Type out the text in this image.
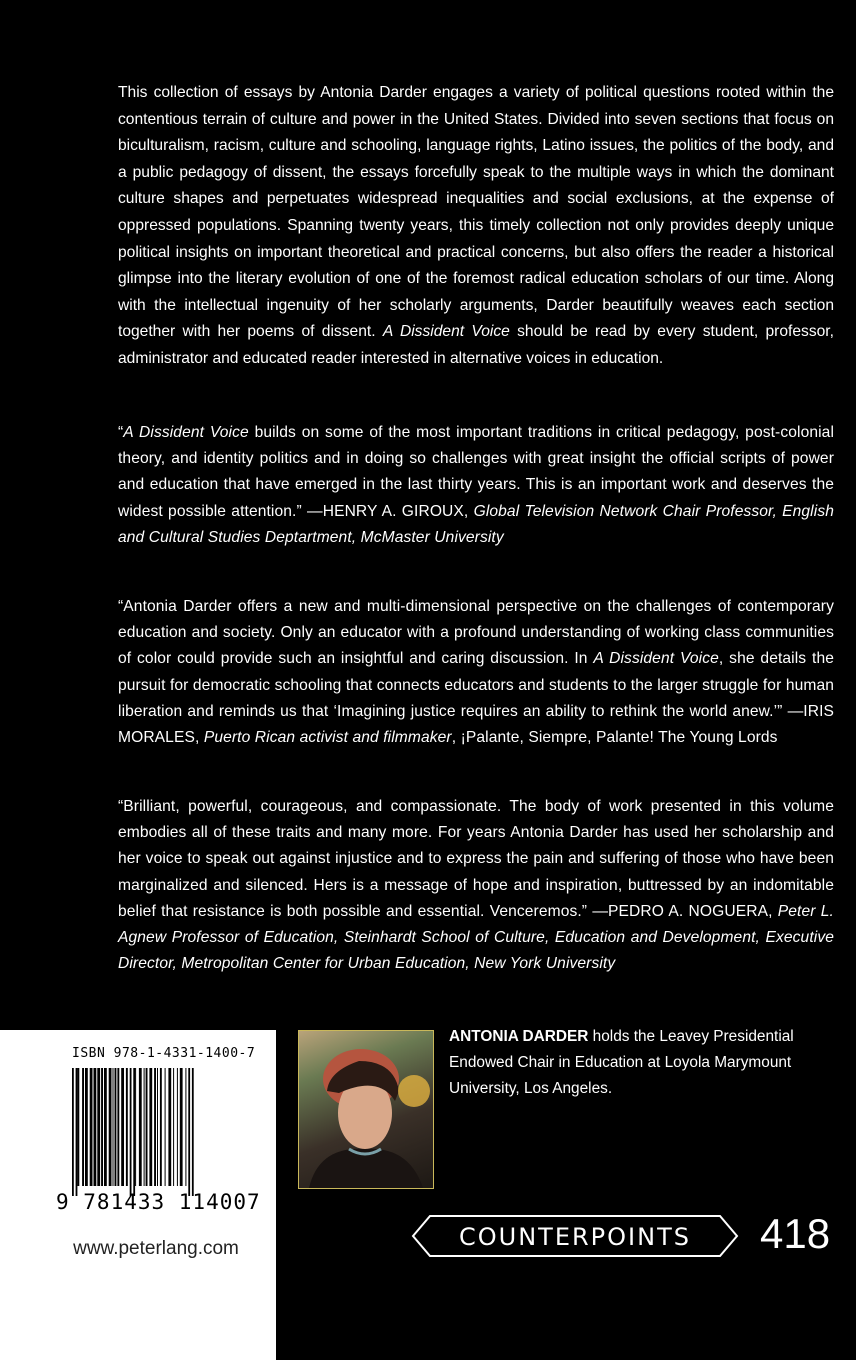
This collection of essays by Antonia Darder engages a variety of political questions rooted within the contentious terrain of culture and power in the United States. Divided into seven sections that focus on biculturalism, racism, culture and schooling, language rights, Latino issues, the politics of the body, and a public pedagogy of dissent, the essays forcefully speak to the multiple ways in which the dominant culture shapes and perpetuates widespread inequalities and social exclusions, at the expense of oppressed populations. Spanning twenty years, this timely collection not only provides deeply unique political insights on important theoretical and practical concerns, but also offers the reader a historical glimpse into the literary evolution of one of the foremost radical education scholars of our time. Along with the intellectual ingenuity of her scholarly arguments, Darder beautifully weaves each section together with her poems of dissent. A Dissident Voice should be read by every student, professor, administrator and educated reader interested in alternative voices in education.

“A Dissident Voice builds on some of the most important traditions in critical pedagogy, post-colonial theory, and identity politics and in doing so challenges with great insight the official scripts of power and education that have emerged in the last thirty years. This is an important work and deserves the widest possible attention.” —HENRY A. GIROUX, Global Television Network Chair Professor, English and Cultural Studies Deptartment, McMaster University

“Antonia Darder offers a new and multi-dimensional perspective on the challenges of contemporary education and society. Only an educator with a profound understanding of working class communities of color could provide such an insightful and caring discussion. In A Dissident Voice, she details the pursuit for democratic schooling that connects educators and students to the larger struggle for human liberation and reminds us that ‘Imagining justice requires an ability to rethink the world anew.’” —IRIS MORALES, Puerto Rican activist and filmmaker, ¡Palante, Siempre, Palante! The Young Lords

“Brilliant, powerful, courageous, and compassionate. The body of work presented in this volume embodies all of these traits and many more. For years Antonia Darder has used her scholarship and her voice to speak out against injustice and to express the pain and suffering of those who have been marginalized and silenced. Hers is a message of hope and inspiration, buttressed by an indomitable belief that resistance is both possible and essential. Venceremos.” —PEDRO A. NOGUERA, Peter L. Agnew Professor of Education, Steinhardt School of Culture, Education and Development, Executive Director, Metropolitan Center for Urban Education, New York University

ISBN 978-1-4331-1400-7
9 781433 114007
www.peterlang.com

ANTONIA DARDER holds the Leavey Presidential Endowed Chair in Education at Loyola Marymount University, Los Angeles.

COUNTERPOINTS 418
